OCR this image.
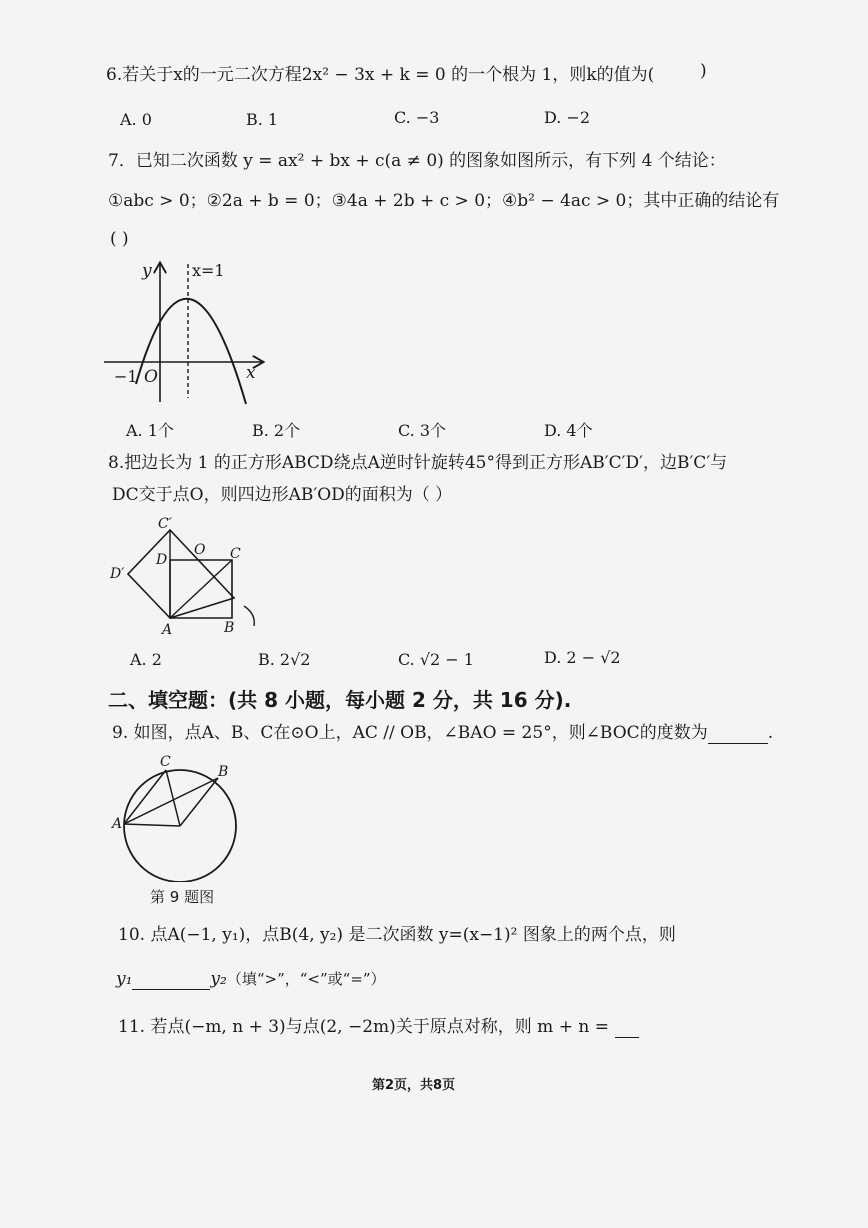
6.若关于x的一元二次方程2x² − 3x + k = 0 的一个根为 1，则k的值为(	)
A. 0	B. 1	C. −3	D. −2
7．已知二次函数 y = ax² + bx + c(a ≠ 0) 的图象如图所示，有下列 4 个结论：
①abc > 0；②2a + b = 0；③4a + 2b + c > 0；④b² − 4ac > 0；其中正确的结论有
( )
y	x=1
−1 O	x
A. 1个	B. 2个	C. 3个	D. 4个
8.把边长为 1 的正方形ABCD绕点A逆时针旋转45°得到正方形AB′C′D′，边B′C′与
DC交于点O，则四边形AB′OD的面积为（ ）
C′
D′
D
O C
A	B
A. 2	B. 2√2	C. √2 − 1	D. 2 − √2
二、填空题：(共 8 小题，每小题 2 分，共 16 分).
9. 如图，点A、B、C在⊙O上，AC // OB，∠BAO = 25°，则∠BOC的度数为	.
C
B
A
第 9 题图
10. 点A(−1, y₁)，点B(4, y₂) 是二次函数 y=(x−1)² 图象上的两个点，则
y₁	y₂（填“>”，“<”或“=”）
11. 若点(−m, n + 3)与点(2, −2m)关于原点对称，则 m + n =
第2页，共8页
